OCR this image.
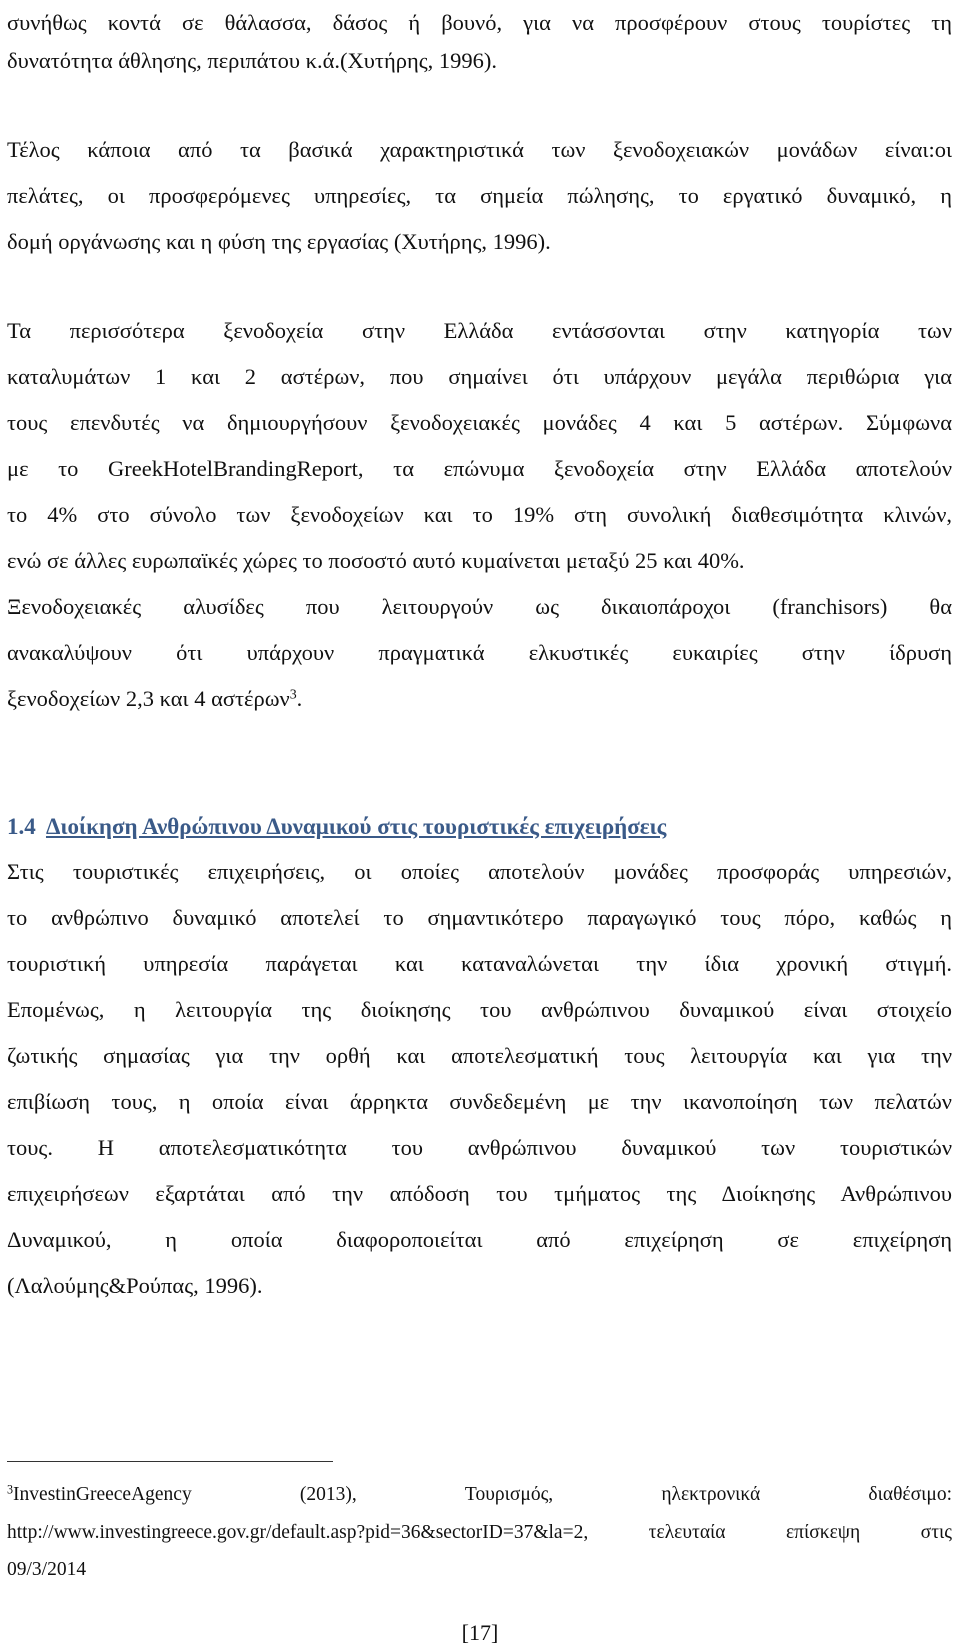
συνήθως κοντά σε θάλασσα, δάσος ή βουνό, για να προσφέρουν στους τουρίστες τη
δυνατότητα άθλησης, περιπάτου κ.ά.(Χυτήρης, 1996).
Τέλος κάποια από τα βασικά χαρακτηριστικά των ξενοδοχειακών μονάδων είναι:οι
πελάτες, οι προσφερόμενες υπηρεσίες, τα σημεία πώλησης, το εργατικό δυναμικό, η
δομή οργάνωσης και η φύση της εργασίας (Χυτήρης, 1996).
Τα περισσότερα ξενοδοχεία στην Ελλάδα εντάσσονται στην κατηγορία των
καταλυμάτων 1 και 2 αστέρων, που σημαίνει ότι υπάρχουν μεγάλα περιθώρια για
τους επενδυτές να δημιουργήσουν ξενοδοχειακές μονάδες 4 και 5 αστέρων. Σύμφωνα
με το GreekHotelBrandingReport, τα επώνυμα ξενοδοχεία στην Ελλάδα αποτελούν
το 4% στο σύνολο των ξενοδοχείων και το 19% στη συνολική διαθεσιμότητα κλινών,
ενώ σε άλλες ευρωπαϊκές χώρες το ποσοστό αυτό κυμαίνεται μεταξύ 25 και 40%.
Ξενοδοχειακές αλυσίδες που λειτουργούν ως δικαιοπάροχοι (franchisors) θα
ανακαλύψουν ότι υπάρχουν πραγματικά ελκυστικές ευκαιρίες στην ίδρυση
ξενοδοχείων 2,3 και 4 αστέρων$^3$.
1.4 Διοίκηση Ανθρώπινου Δυναμικού στις τουριστικές επιχειρήσεις
Στις τουριστικές επιχειρήσεις, οι οποίες αποτελούν μονάδες προσφοράς υπηρεσιών,
το ανθρώπινο δυναμικό αποτελεί το σημαντικότερο παραγωγικό τους πόρο, καθώς η
τουριστική υπηρεσία παράγεται και καταναλώνεται την ίδια χρονική στιγμή.
Επομένως, η λειτουργία της διοίκησης του ανθρώπινου δυναμικού είναι στοιχείο
ζωτικής σημασίας για την ορθή και αποτελεσματική τους λειτουργία και για την
επιβίωση τους, η οποία είναι άρρηκτα συνδεδεμένη με την ικανοποίηση των πελατών
τους. Η αποτελεσματικότητα του ανθρώπινου δυναμικού των τουριστικών
επιχειρήσεων εξαρτάται από την απόδοση του τμήματος της Διοίκησης Ανθρώπινου
Δυναμικού, η οποία διαφοροποιείται από επιχείρηση σε επιχείρηση
(Λαλούμης&Ρούπας, 1996).
$^3$InvestinGreeceAgency (2013), Τουρισμός, ηλεκτρονικά διαθέσιμο:
http://www.investingreece.gov.gr/default.asp?pid=36&sectorID=37&la=2, τελευταία επίσκεψη στις
09/3/2014
[17]
